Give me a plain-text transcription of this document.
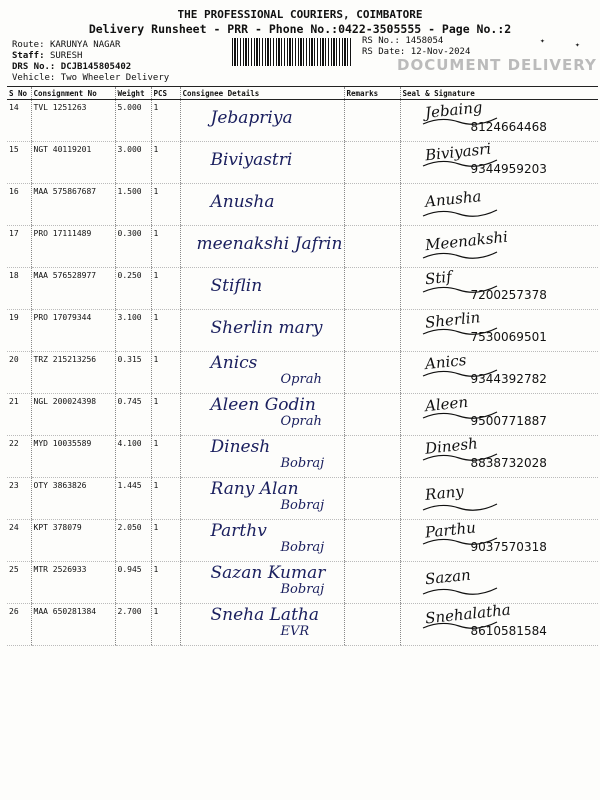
THE PROFESSIONAL COURIERS, COIMBATORE
Delivery Runsheet - PRR - Phone No.:0422-3505555 - Page No.:2
Route: KARUNYA NAGAR
Staff: SURESH
DRS No.: DCJB145805402
Vehicle: Two Wheeler Delivery
RS No.: 1458054
RS Date: 12-Nov-2024
DOCUMENT DELIVERY
✦	✦
S No	Consignment No	Weight	PCS	Consignee Details	Remarks	Seal & Signature
14	TVL 1251263	5.000	1	Jebapriya		Jebaing
8124664468

15	NGT 40119201	3.000	1	Biviyastri		Biviyasri
9344959203

16	MAA 575867687	1.500	1	Anusha		Anusha

17	PRO 17111489	0.300	1	meenakshi Jafrin		Meenakshi

18	MAA 576528977	0.250	1	Stiflin		Stif
7200257378

19	PRO 17079344	3.100	1	Sherlin mary		Sherlin
7530069501

20	TRZ 215213256	0.315	1	Anics
Oprah		Anics
9344392782

21	NGL 200024398	0.745	1	Aleen Godin
Oprah		Aleen
9500771887

22	MYD 10035589	4.100	1	Dinesh
Bobraj		Dinesh
8838732028

23	OTY 3863826	1.445	1	Rany Alan
Bobraj		Rany

24	KPT 378079	2.050	1	Parthv
Bobraj		Parthu
9037570318

25	MTR 2526933	0.945	1	Sazan Kumar
Bobraj		Sazan

26	MAA 650281384	2.700	1	Sneha Latha
EVR		Snehalatha
8610581584
